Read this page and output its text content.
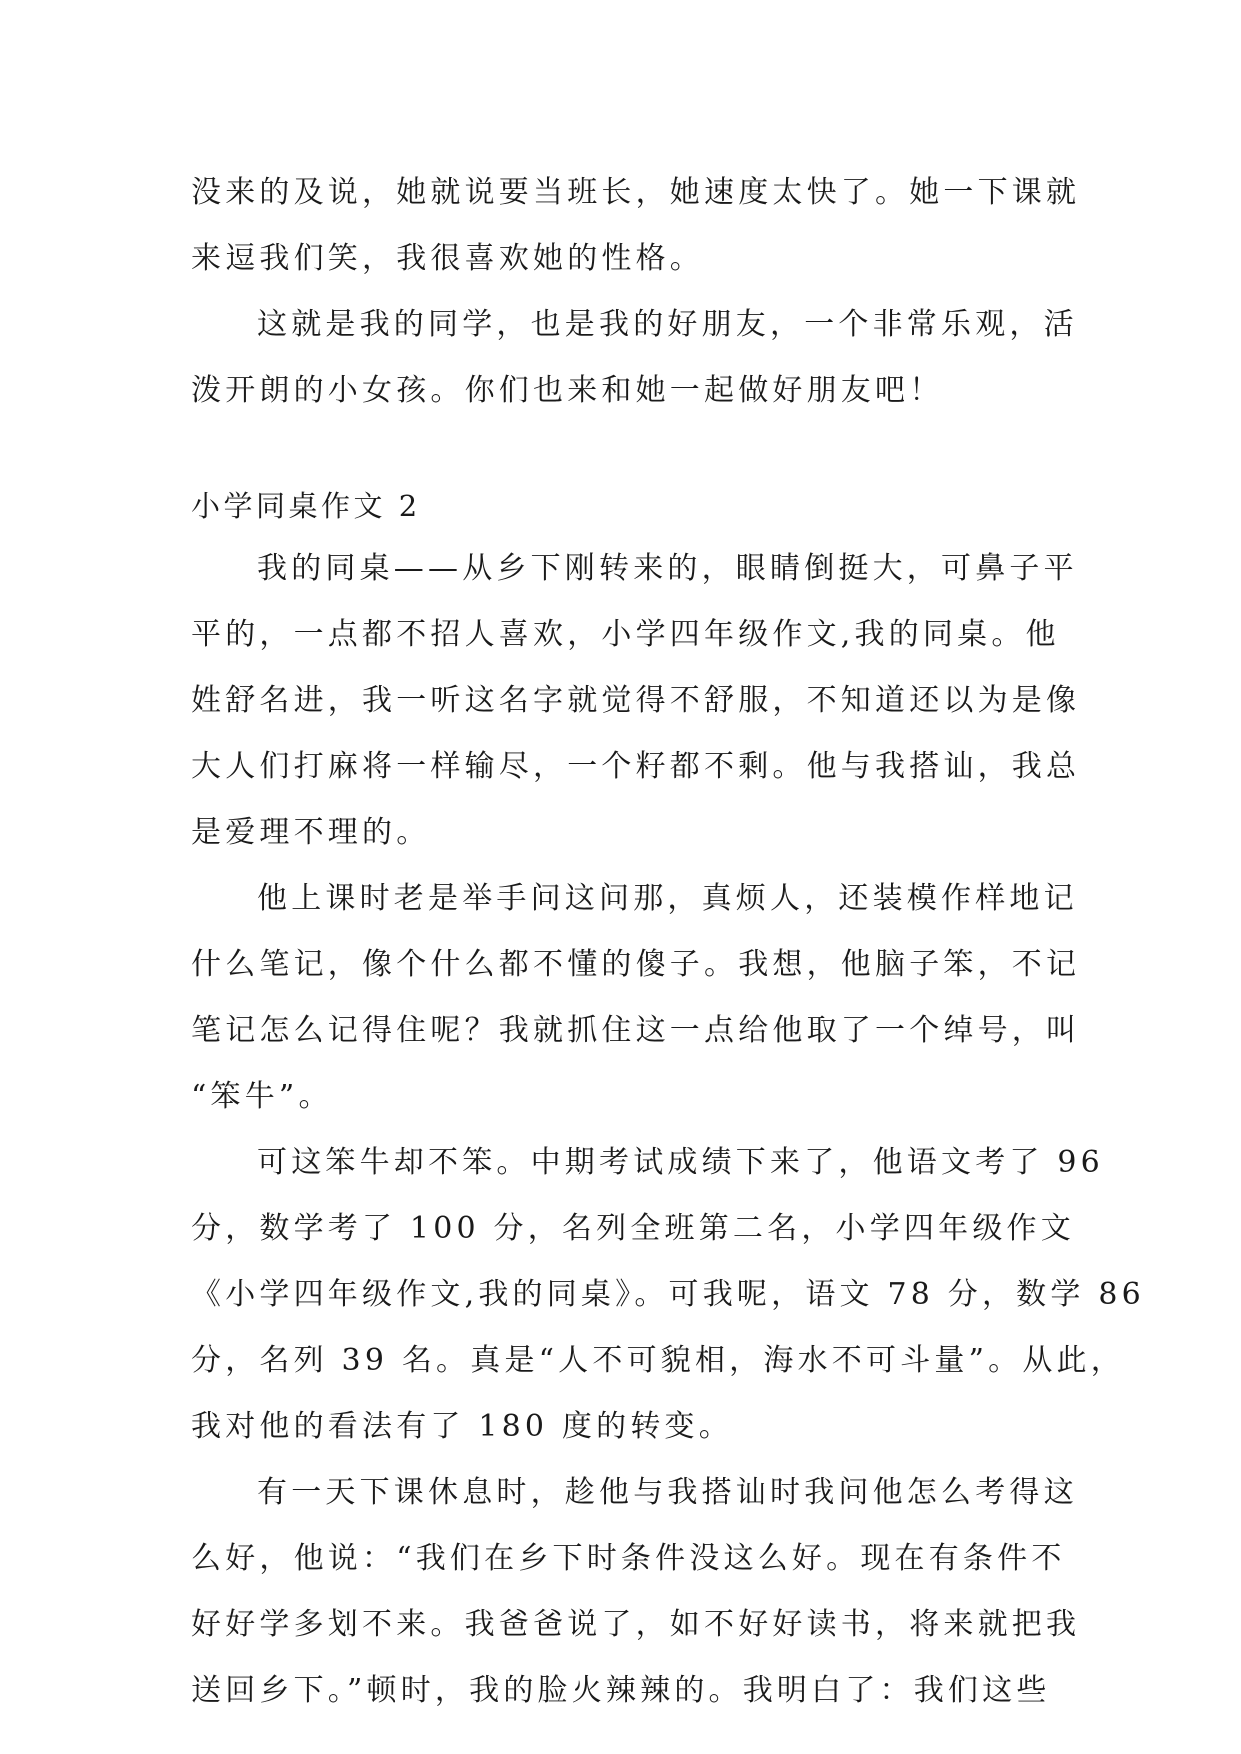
没来的及说，她就说要当班长，她速度太快了。她一下课就
来逗我们笑，我很喜欢她的性格。
这就是我的同学，也是我的好朋友，一个非常乐观，活
泼开朗的小女孩。你们也来和她一起做好朋友吧！
小学同桌作文 2
我的同桌——从乡下刚转来的，眼睛倒挺大，可鼻子平
平的，一点都不招人喜欢，小学四年级作文,我的同桌。他
姓舒名进，我一听这名字就觉得不舒服，不知道还以为是像
大人们打麻将一样输尽，一个籽都不剩。他与我搭讪，我总
是爱理不理的。
他上课时老是举手问这问那，真烦人，还装模作样地记
什么笔记，像个什么都不懂的傻子。我想，他脑子笨，不记
笔记怎么记得住呢？我就抓住这一点给他取了一个绰号，叫
“笨牛”。
可这笨牛却不笨。中期考试成绩下来了，他语文考了 96
分，数学考了 100 分，名列全班第二名，小学四年级作文
《小学四年级作文,我的同桌》。可我呢，语文 78 分，数学 86
分，名列 39 名。真是“人不可貌相，海水不可斗量”。从此，
我对他的看法有了 180 度的转变。
有一天下课休息时，趁他与我搭讪时我问他怎么考得这
么好，他说：“我们在乡下时条件没这么好。现在有条件不
好好学多划不来。我爸爸说了，如不好好读书，将来就把我
送回乡下。”顿时，我的脸火辣辣的。我明白了：我们这些
